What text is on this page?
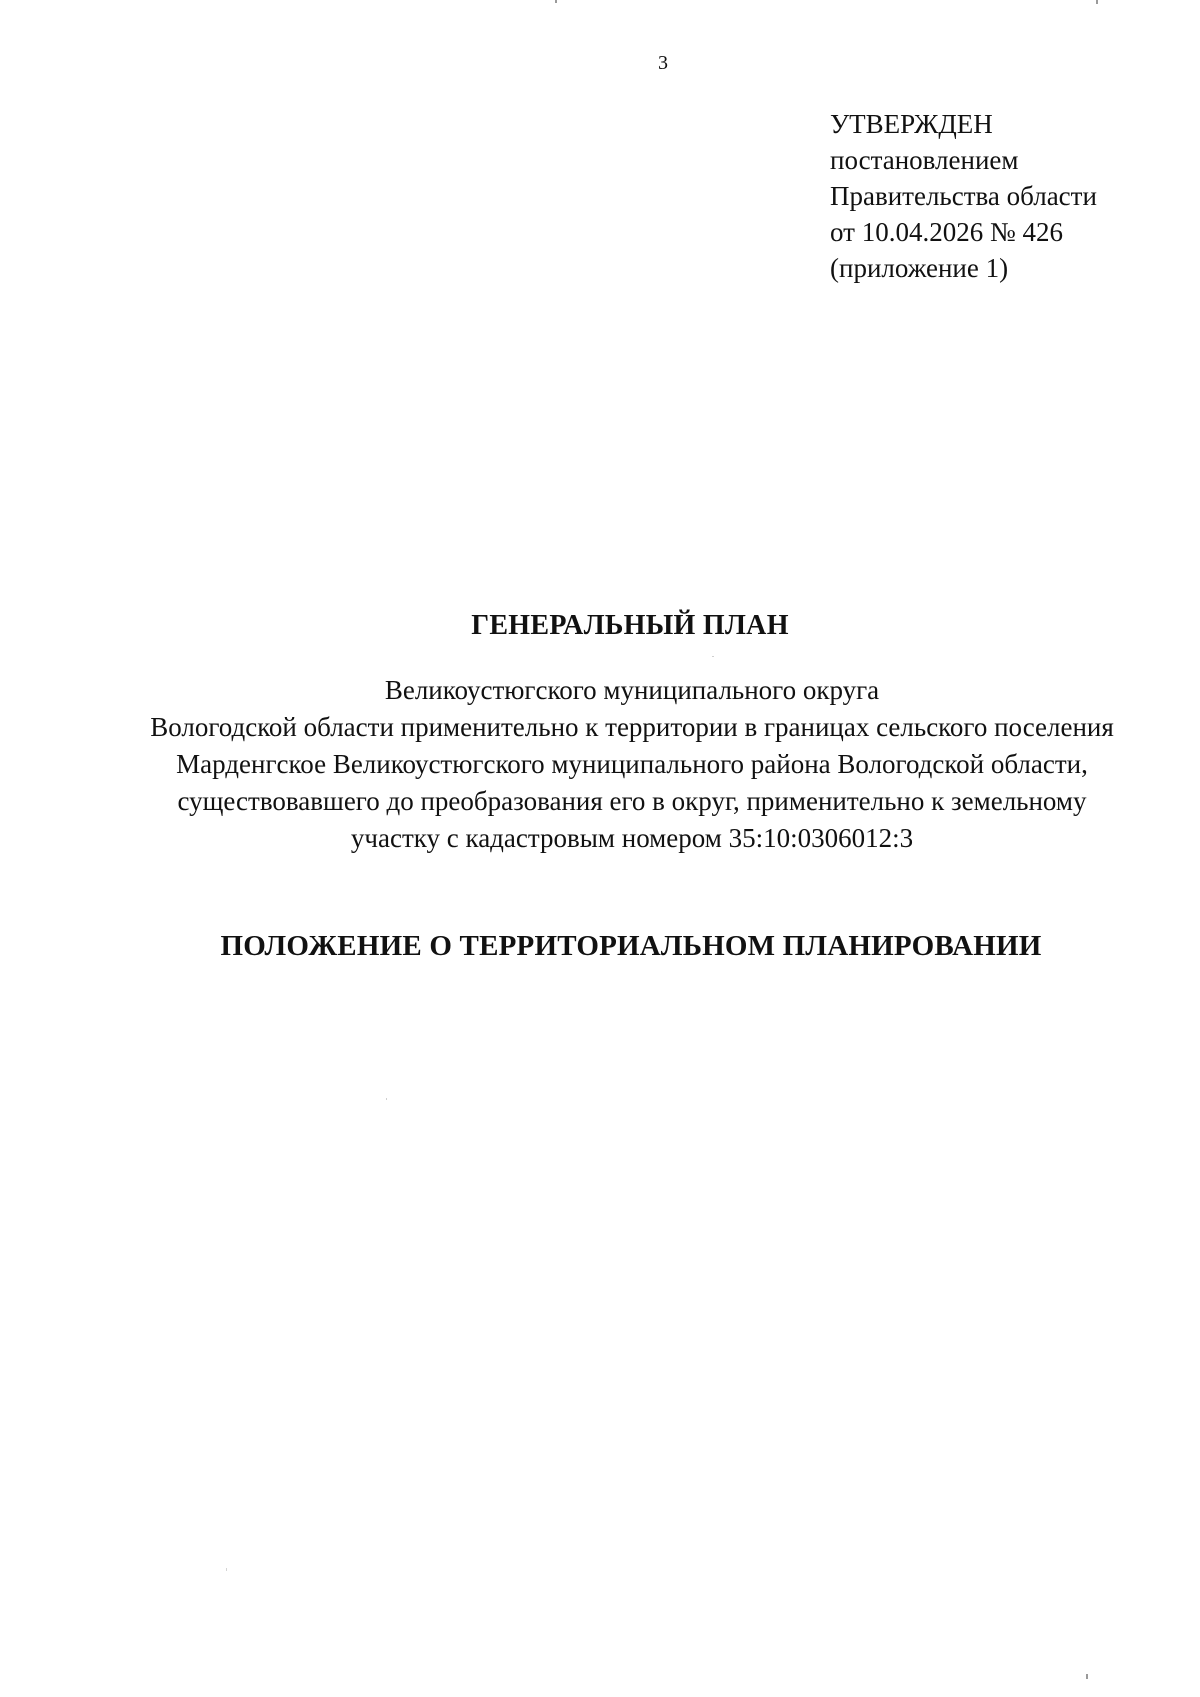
3
УТВЕРЖДЕН
постановлением
Правительства области
от 10.04.2026 № 426
(приложение 1)
ГЕНЕРАЛЬНЫЙ ПЛАН
Великоустюгского муниципального округа
Вологодской области применительно к территории в границах сельского поселения
Марденгское Великоустюгского муниципального района Вологодской области,
существовавшего до преобразования его в округ, применительно к земельному
участку с кадастровым номером 35:10:0306012:3
ПОЛОЖЕНИЕ О ТЕРРИТОРИАЛЬНОМ ПЛАНИРОВАНИИ
